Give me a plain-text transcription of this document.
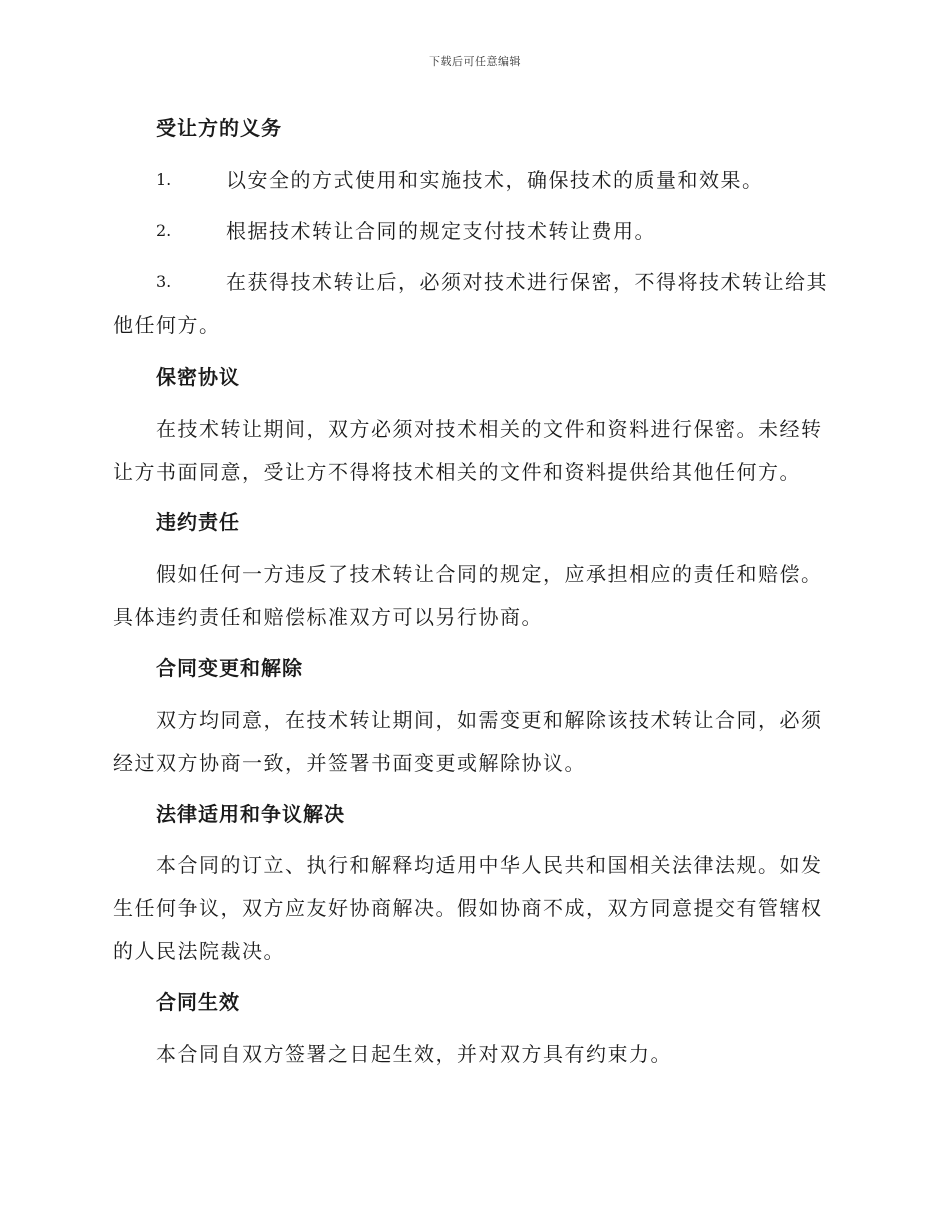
下载后可任意编辑
受让方的义务
1.	以安全的方式使用和实施技术，确保技术的质量和效果。
2.	根据技术转让合同的规定支付技术转让费用。
3.	在获得技术转让后，必须对技术进行保密，不得将技术转让给其
他任何方。
保密协议
在技术转让期间，双方必须对技术相关的文件和资料进行保密。未经转
让方书面同意，受让方不得将技术相关的文件和资料提供给其他任何方。
违约责任
假如任何一方违反了技术转让合同的规定，应承担相应的责任和赔偿。
具体违约责任和赔偿标准双方可以另行协商。
合同变更和解除
双方均同意，在技术转让期间，如需变更和解除该技术转让合同，必须
经过双方协商一致，并签署书面变更或解除协议。
法律适用和争议解决
本合同的订立、执行和解释均适用中华人民共和国相关法律法规。如发
生任何争议，双方应友好协商解决。假如协商不成，双方同意提交有管辖权
的人民法院裁决。
合同生效
本合同自双方签署之日起生效，并对双方具有约束力。
